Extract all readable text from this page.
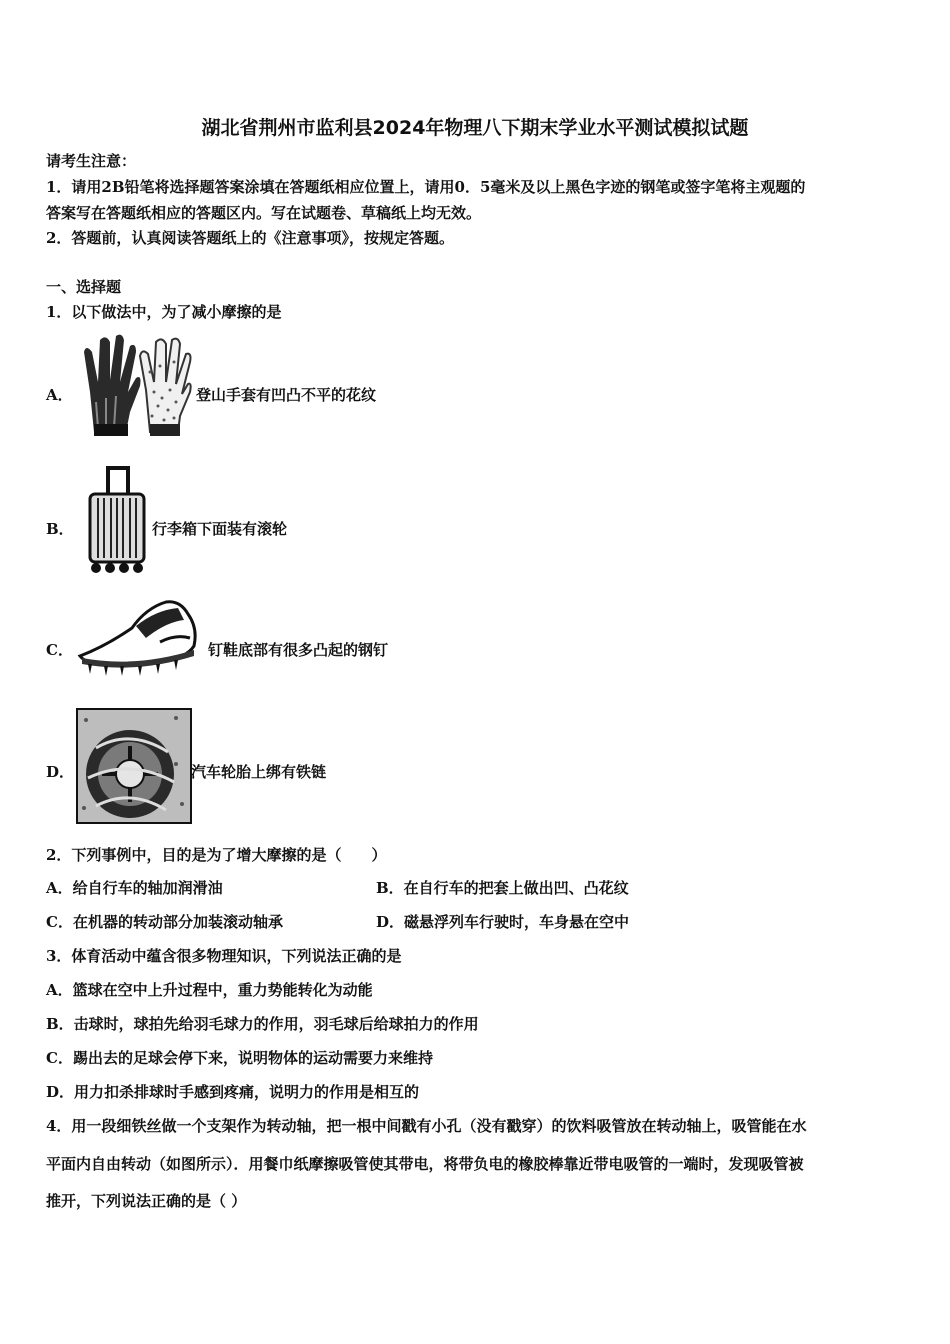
湖北省荆州市监利县2024年物理八下期末学业水平测试模拟试题
请考生注意：
1．请用2B铅笔将选择题答案涂填在答题纸相应位置上，请用0．5毫米及以上黑色字迹的钢笔或签字笔将主观题的
答案写在答题纸相应的答题区内。写在试题卷、草稿纸上均无效。
2．答题前，认真阅读答题纸上的《注意事项》，按规定答题。
一、选择题
1．以下做法中，为了减小摩擦的是
A．	登山手套有凹凸不平的花纹
B．	行李箱下面装有滚轮
C．	钉鞋底部有很多凸起的钢钉
D．	汽车轮胎上绑有铁链
2．下列事例中，目的是为了增大摩擦的是（　　）
A．给自行车的轴加润滑油	B．在自行车的把套上做出凹、凸花纹
C．在机器的转动部分加装滚动轴承	D．磁悬浮列车行驶时，车身悬在空中
3．体育活动中蕴含很多物理知识，下列说法正确的是
A．篮球在空中上升过程中，重力势能转化为动能
B．击球时，球拍先给羽毛球力的作用，羽毛球后给球拍力的作用
C．踢出去的足球会停下来，说明物体的运动需要力来维持
D．用力扣杀排球时手感到疼痛，说明力的作用是相互的
4．用一段细铁丝做一个支架作为转动轴，把一根中间戳有小孔（没有戳穿）的饮料吸管放在转动轴上，吸管能在水
平面内自由转动（如图所示）．用餐巾纸摩擦吸管使其带电，将带负电的橡胶棒靠近带电吸管的一端时，发现吸管被
推开，下列说法正确的是（ ）
